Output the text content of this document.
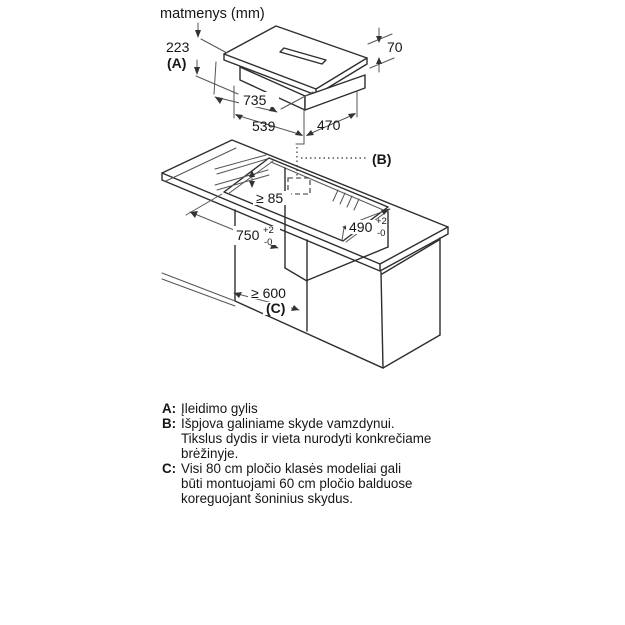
matmenys (mm)
223
(A)
70
735
539	470
(B)
≥ 85
750 +2
-0
490 +2
-0
≥ 600
(C)
A: Įleidimo gylis
B: Išpjova galiniame skyde vamzdynui.
Tikslus dydis ir vieta nurodyti konkrečiame
brėžinyje.
C: Visi 80 cm pločio klasės modeliai gali
būti montuojami 60 cm pločio balduose
koreguojant šoninius skydus.
